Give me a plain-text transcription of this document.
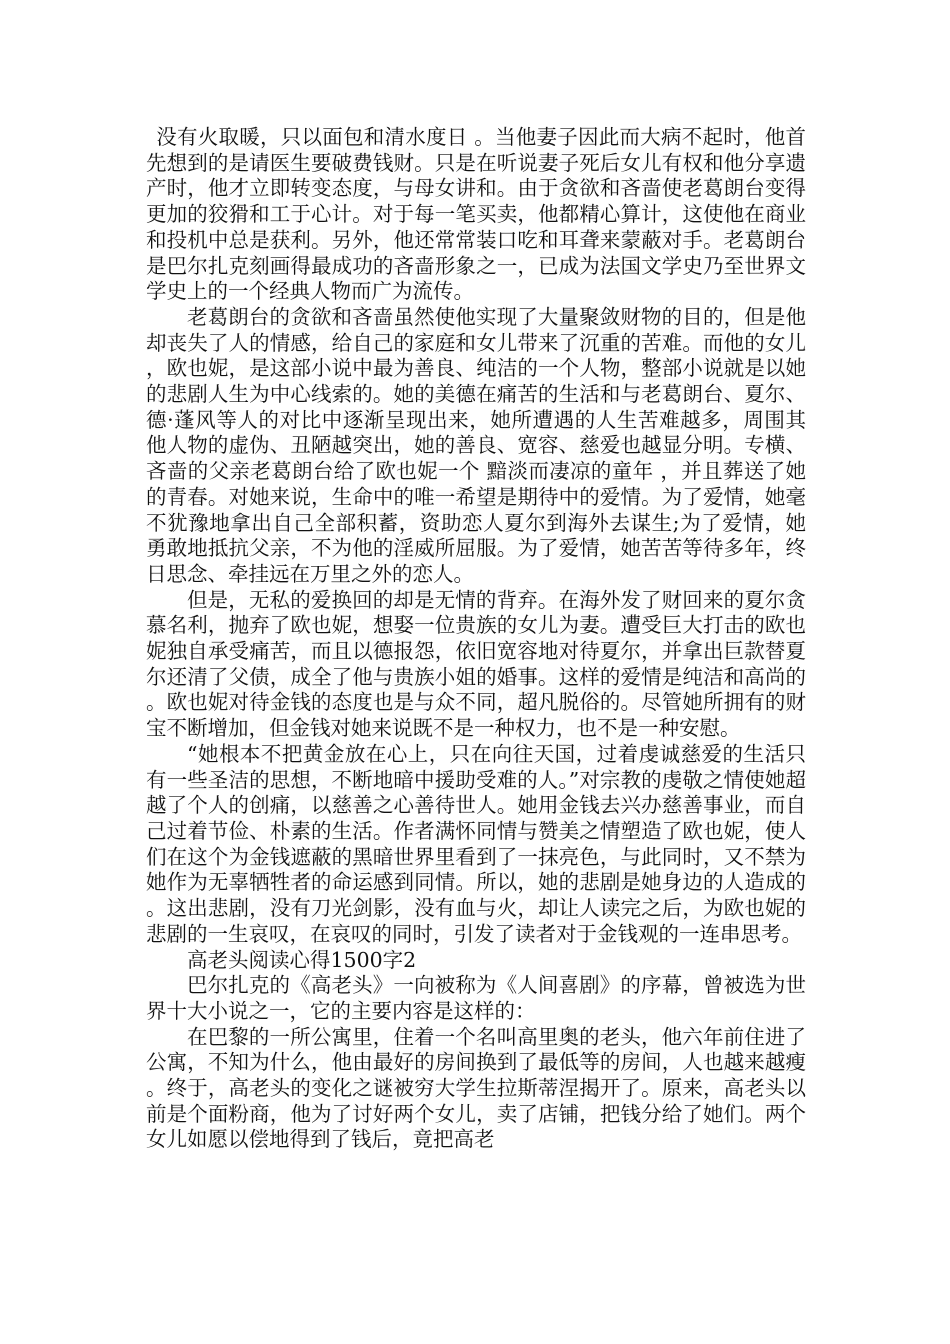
没有火取暖，只以面包和清水度日 。当他妻子因此而大病不起时，他首先想到的是请医生要破费钱财。只是在听说妻子死后女儿有权和他分享遗产时，他才立即转变态度，与母女讲和。由于贪欲和吝啬使老葛朗台变得更加的狡猾和工于心计。对于每一笔买卖，他都精心算计，这使他在商业和投机中总是获利。另外，他还常常装口吃和耳聋来蒙蔽对手。老葛朗台是巴尔扎克刻画得最成功的吝啬形象之一，已成为法国文学史乃至世界文学史上的一个经典人物而广为流传。

老葛朗台的贪欲和吝啬虽然使他实现了大量聚敛财物的目的，但是他却丧失了人的情感，给自己的家庭和女儿带来了沉重的苦难。而他的女儿，欧也妮，是这部小说中最为善良、纯洁的一个人物，整部小说就是以她的悲剧人生为中心线索的。她的美德在痛苦的生活和与老葛朗台、夏尔、德·蓬风等人的对比中逐渐呈现出来，她所遭遇的人生苦难越多，周围其他人物的虚伪、丑陋越突出，她的善良、宽容、慈爱也越显分明。专横、吝啬的父亲老葛朗台给了欧也妮一个 黯淡而凄凉的童年 ，并且葬送了她的青春。对她来说，生命中的唯一希望是期待中的爱情。为了爱情，她毫不犹豫地拿出自己全部积蓄，资助恋人夏尔到海外去谋生;为了爱情，她勇敢地抵抗父亲，不为他的淫威所屈服。为了爱情，她苦苦等待多年，终日思念、牵挂远在万里之外的恋人。

但是，无私的爱换回的却是无情的背弃。在海外发了财回来的夏尔贪慕名利，抛弃了欧也妮，想娶一位贵族的女儿为妻。遭受巨大打击的欧也妮独自承受痛苦，而且以德报怨，依旧宽容地对待夏尔，并拿出巨款替夏尔还清了父债，成全了他与贵族小姐的婚事。这样的爱情是纯洁和高尚的。欧也妮对待金钱的态度也是与众不同，超凡脱俗的。尽管她所拥有的财宝不断增加，但金钱对她来说既不是一种权力，也不是一种安慰。

“她根本不把黄金放在心上，只在向往天国，过着虔诚慈爱的生活只有一些圣洁的思想，不断地暗中援助受难的人。”对宗教的虔敬之情使她超越了个人的创痛，以慈善之心善待世人。她用金钱去兴办慈善事业，而自己过着节俭、朴素的生活。作者满怀同情与赞美之情塑造了欧也妮，使人们在这个为金钱遮蔽的黑暗世界里看到了一抹亮色，与此同时，又不禁为她作为无辜牺牲者的命运感到同情。所以，她的悲剧是她身边的人造成的。这出悲剧，没有刀光剑影，没有血与火，却让人读完之后，为欧也妮的悲剧的一生哀叹，在哀叹的同时，引发了读者对于金钱观的一连串思考。

高老头阅读心得1500字2

巴尔扎克的《高老头》一向被称为《人间喜剧》的序幕，曾被选为世界十大小说之一，它的主要内容是这样的：

在巴黎的一所公寓里，住着一个名叫高里奥的老头，他六年前住进了公寓，不知为什么，他由最好的房间换到了最低等的房间，人也越来越瘦。终于，高老头的变化之谜被穷大学生拉斯蒂涅揭开了。原来，高老头以前是个面粉商，他为了讨好两个女儿，卖了店铺，把钱分给了她们。两个女儿如愿以偿地得到了钱后，竟把高老
